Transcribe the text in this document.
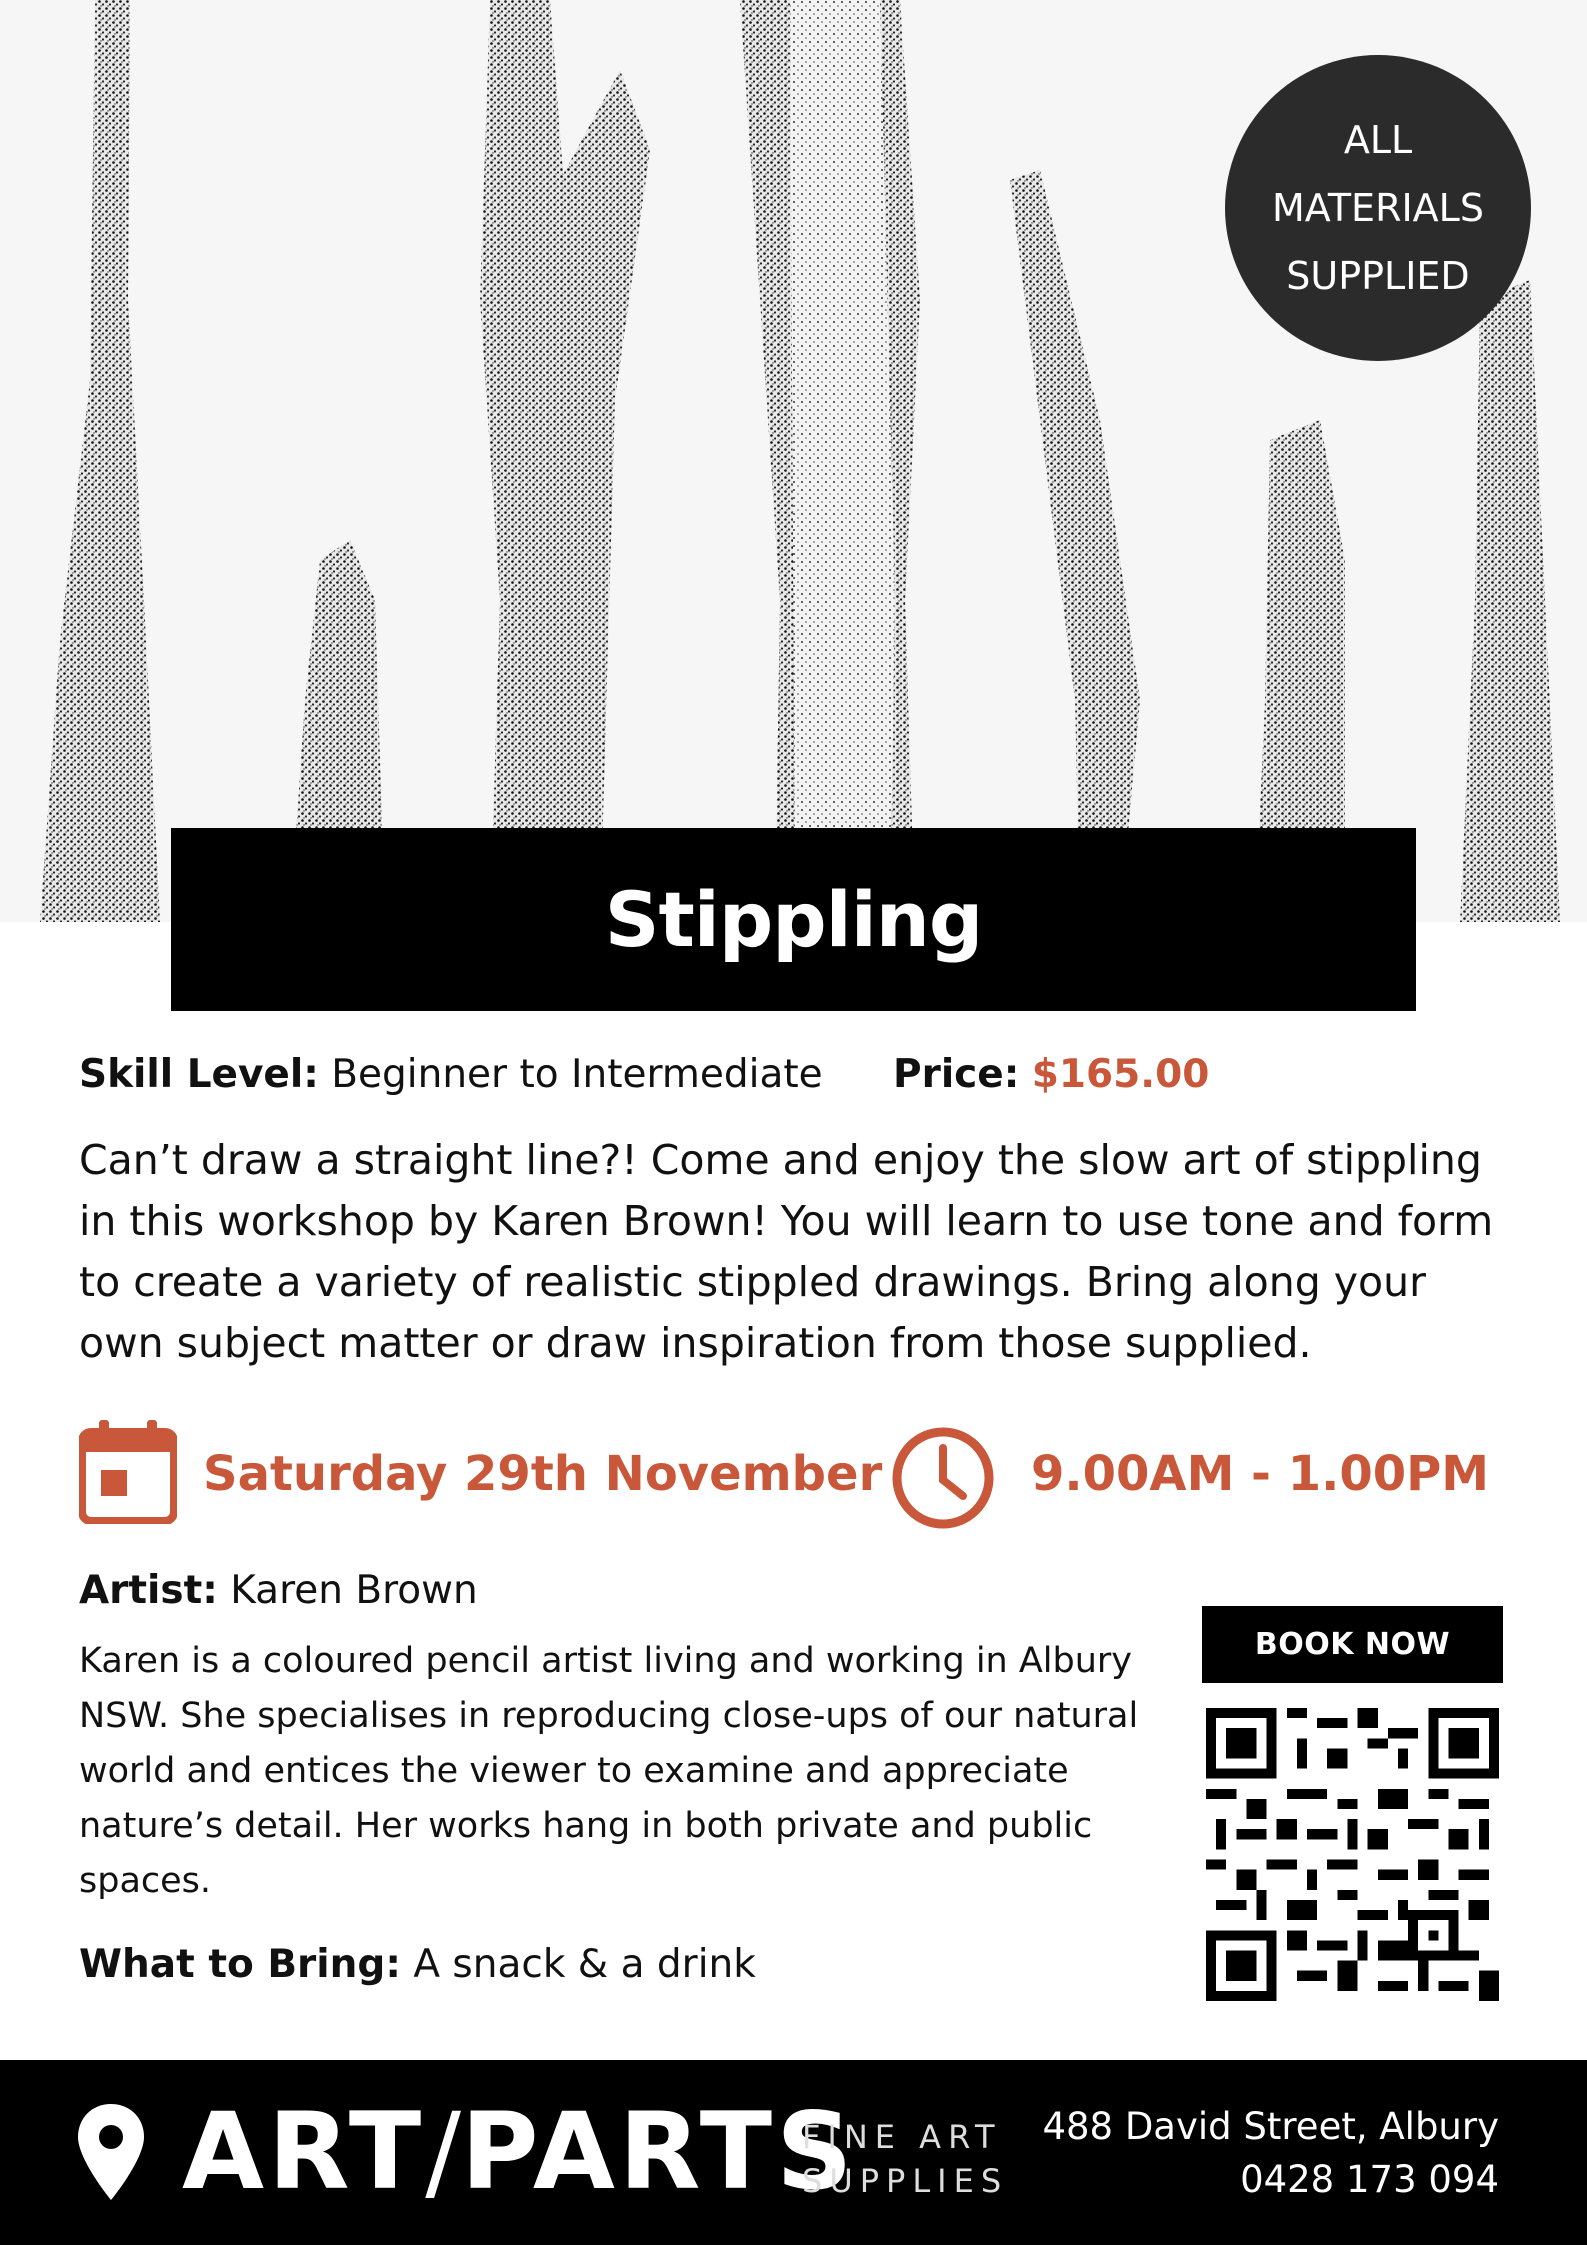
ALL
MATERIALS
SUPPLIED
Stippling
Skill Level:
Beginner to Intermediate Price: $165.00

Can’t draw a straight line?! Come and enjoy the slow art of stippling in this workshop by Karen Brown! You will learn to use tone and form to create a variety of realistic stippled drawings. Bring along your own subject matter or draw inspiration from those supplied.

Saturday 29th November	9.00AM - 1.00PM
Artist: Karen Brown

Karen is a coloured pencil artist living and working in Albury NSW. She specialises in reproducing close-ups of our natural world and entices the viewer to examine and appreciate nature’s detail. Her works hang in both private and public spaces.

What to Bring: A snack & a drink
BOOK NOW
ART/PARTS
FINE ART
SUPPLIES
488 David Street, Albury
0428 173 094
